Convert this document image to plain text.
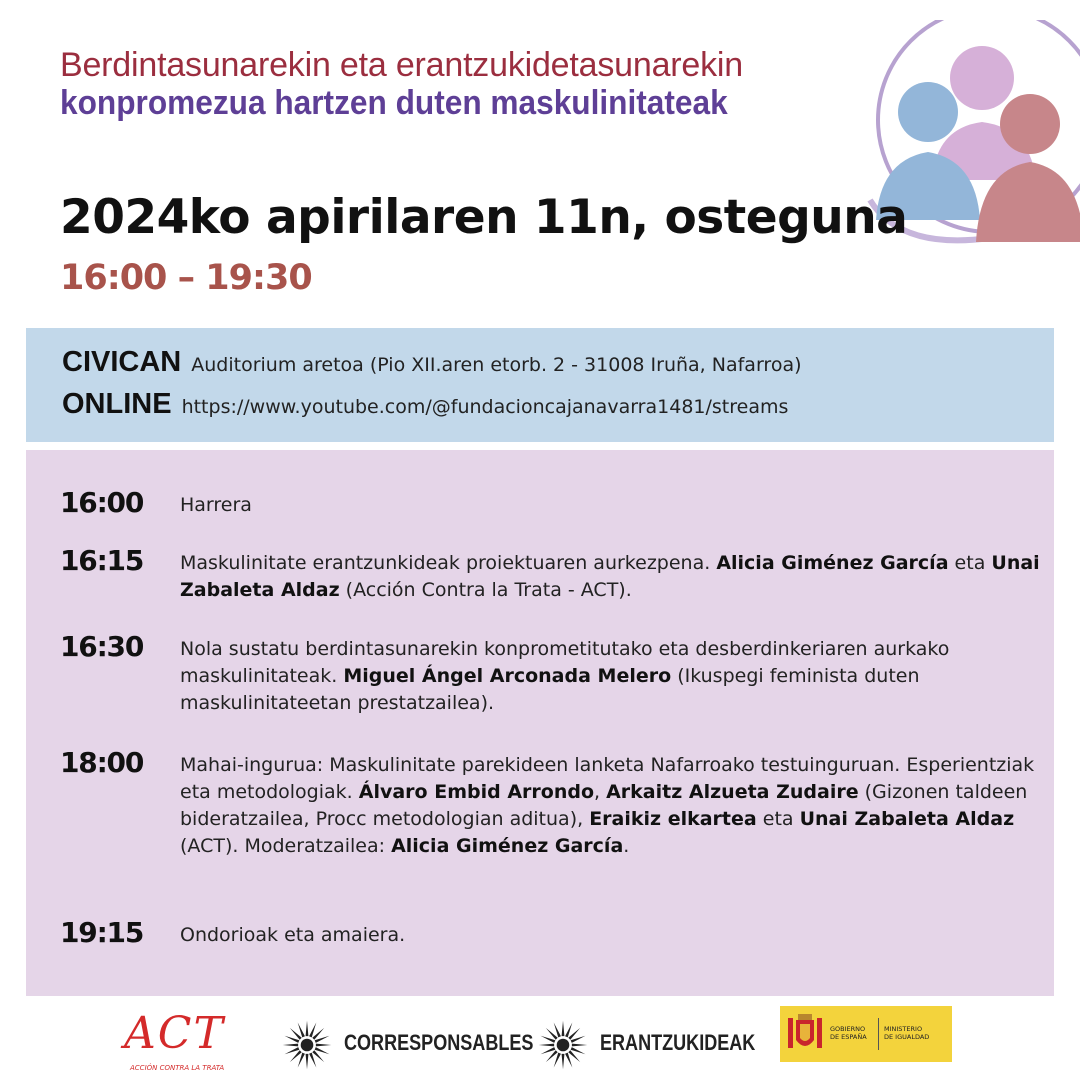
Berdintasunarekin eta erantzukidetasunarekin
konpromezua hartzen duten maskulinitateak
2024ko apirilaren 11n, osteguna
16:00 – 19:30
CIVICAN Auditorium aretoa (Pio XII.aren etorb. 2 - 31008 Iruña, Nafarroa)
ONLINE https://www.youtube.com/@fundacioncajanavarra1481/streams
16:00 Harrera
16:15 Maskulinitate erantzunkideak proiektuaren aurkezpena. Alicia Giménez García eta Unai Zabaleta Aldaz (Acción Contra la Trata - ACT).
16:30 Nola sustatu berdintasunarekin konprometitutako eta desberdinkeriaren aurkako maskulinitateak. Miguel Ángel Arconada Melero (Ikuspegi feminista duten maskulinitateetan prestatzailea).
18:00 Mahai-ingurua: Maskulinitate parekideen lanketa Nafarroako testuinguruan. Esperientziak eta metodologiak. Álvaro Embid Arrondo, Arkaitz Alzueta Zudaire (Gizonen taldeen bideratzailea, Procc metodologian aditua), Eraikiz elkartea eta Unai Zabaleta Aldaz (ACT). Moderatzailea: Alicia Giménez García.
19:15 Ondorioak eta amaiera.
ACT
ACCIÓN CONTRA LA TRATA
CORRESPONSABLES	ERANTZUKIDEAK
GOBIERNO
DE ESPAÑA
MINISTERIO
DE IGUALDAD
